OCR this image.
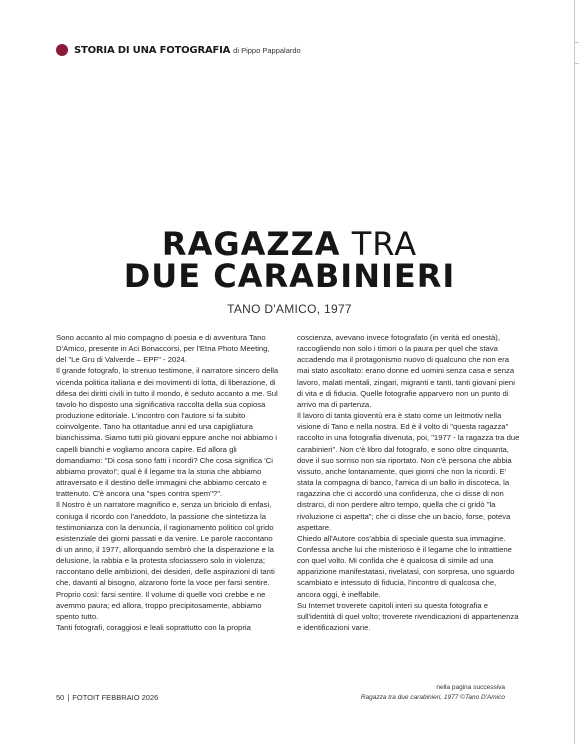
STORIA DI UNA FOTOGRAFIA di Pippo Pappalardo
RAGAZZA TRA
DUE CARABINIERI
TANO D'AMICO, 1977

Sono accanto al mio compagno di poesia e di avventura Tano D'Amico, presente in Aci Bonaccorsi, per l'Etna Photo Meeting, del "Le Gru di Valverde – EPF" - 2024.

Il grande fotografo, lo strenuo testimone, il narratore sincero della vicenda politica italiana e dei movimenti di lotta, di liberazione, di difesa dei diritti civili in tutto il mondo, è seduto accanto a me. Sul tavolo ho disposto una significativa raccolta della sua copiosa produzione editoriale. L'incontro con l'autore si fa subito coinvolgente. Tano ha ottantadue anni ed una capigliatura bianchissima. Siamo tutti più giovani eppure anche noi abbiamo i capelli bianchi e vogliamo ancora capire. Ed allora gli domandiamo: "Di cosa sono fatti i ricordi? Che cosa significa 'Ci abbiamo provato!'; qual è il legame tra la storia che abbiamo attraversato e il destino delle immagini che abbiamo cercato e trattenuto. C'è ancora una "spes contra spem"?".

Il Nostro è un narratore magnifico e, senza un briciolo di enfasi, coniuga il ricordo con l'aneddoto, la passione che sintetizza la testimonianza con la denuncia, il ragionamento politico col grido esistenziale dei giorni passati e da venire. Le parole raccontano di un anno, il 1977, allorquando sembrò che la disperazione e la delusione, la rabbia e la protesta sfociassero solo in violenza; raccontano delle ambizioni, dei desideri, delle aspirazioni di tanti che, davanti al bisogno, alzarono forte la voce per farsi sentire. Proprio così: farsi sentire. Il volume di quelle voci crebbe e ne avemmo paura; ed allora, troppo precipitosamente, abbiamo spento tutto.

Tanti fotografi, coraggiosi e leali soprattutto con la propria

coscienza, avevano invece fotografato (in verità ed onestà), raccogliendo non solo i timori o la paura per quel che stava accadendo ma il protagonismo nuovo di qualcuno che non era mai stato ascoltato: erano donne ed uomini senza casa e senza lavoro, malati mentali, zingari, migranti e tanti, tanti giovani pieni di vita e di fiducia. Quelle fotografie apparvero non un punto di arrivo ma di partenza.

Il lavoro di tanta gioventù era è stato come un leitmotiv nella visione di Tano e nella nostra. Ed è il volto di "questa ragazza" raccolto in una fotografia divenuta, poi, "1977 - la ragazza tra due carabinieri". Non c'è libro dal fotografo, e sono oltre cinquanta, dove il suo sorriso non sia riportato. Non c'è persona che abbia vissuto, anche lontanamente, quei giorni che non la ricordi. E' stata la compagna di banco, l'amica di un ballo in discoteca, la ragazzina che ci accordò una confidenza, che ci disse di non distrarci, di non perdere altro tempo, quella che ci gridò "la rivoluzione ci aspetta"; che ci disse che un bacio, forse, poteva aspettare.

Chiedo all'Autore cos'abbia di speciale questa sua immagine. Confessa anche lui che misterioso è il legame che lo intrattiene con quel volto. Mi confida che è qualcosa di simile ad una apparizione manifestatasi, rivelatasi, con sorpresa, uno sguardo scambiato e intessuto di fiducia, l'incontro di qualcosa che, ancora oggi, è ineffabile.

Su Internet troverete capitoli interi su questa fotografia e sull'identità di quel volto; troverete rivendicazioni di appartenenza e identificazioni varie.

50 | FOTOIT FEBBRAIO 2026
nella pagina successiva
Ragazza tra due carabinieri, 1977 ©Tano D'Amico
